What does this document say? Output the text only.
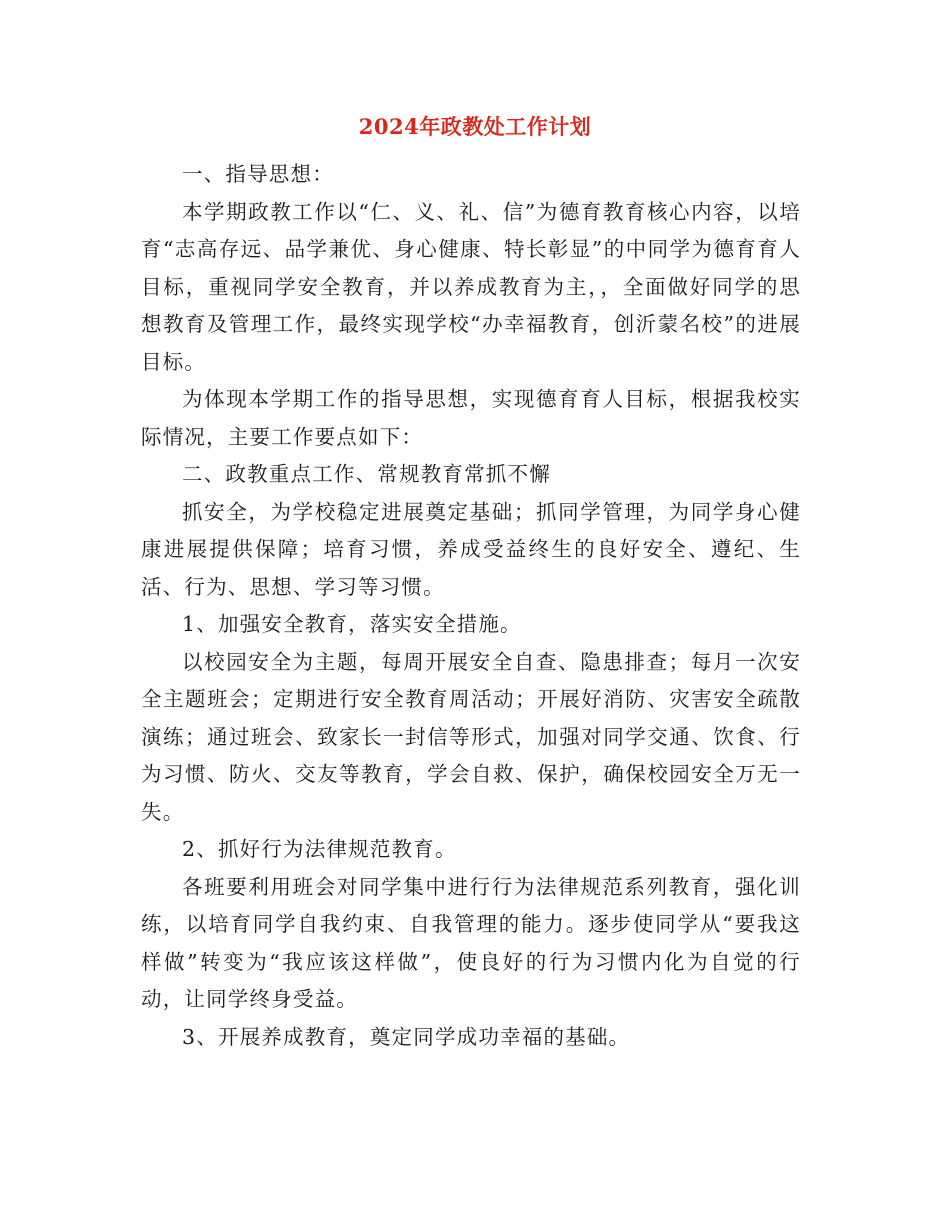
2024年政教处工作计划

一、指导思想：

本学期政教工作以“仁、义、礼、信”为德育教育核心内容，以培育“志高存远、品学兼优、身心健康、特长彰显”的中同学为德育育人目标，重视同学安全教育，并以养成教育为主，，全面做好同学的思想教育及管理工作，最终实现学校“办幸福教育，创沂蒙名校”的进展目标。

为体现本学期工作的指导思想，实现德育育人目标，根据我校实际情况，主要工作要点如下：

二、政教重点工作、常规教育常抓不懈

抓安全，为学校稳定进展奠定基础；抓同学管理，为同学身心健康进展提供保障；培育习惯，养成受益终生的良好安全、遵纪、生活、行为、思想、学习等习惯。

1、加强安全教育，落实安全措施。

以校园安全为主题，每周开展安全自查、隐患排查；每月一次安全主题班会；定期进行安全教育周活动；开展好消防、灾害安全疏散演练；通过班会、致家长一封信等形式，加强对同学交通、饮食、行为习惯、防火、交友等教育，学会自救、保护，确保校园安全万无一失。

2、抓好行为法律规范教育。

各班要利用班会对同学集中进行行为法律规范系列教育，强化训练，以培育同学自我约束、自我管理的能力。逐步使同学从“要我这样做”转变为“我应该这样做”，使良好的行为习惯内化为自觉的行动，让同学终身受益。

3、开展养成教育，奠定同学成功幸福的基础。
